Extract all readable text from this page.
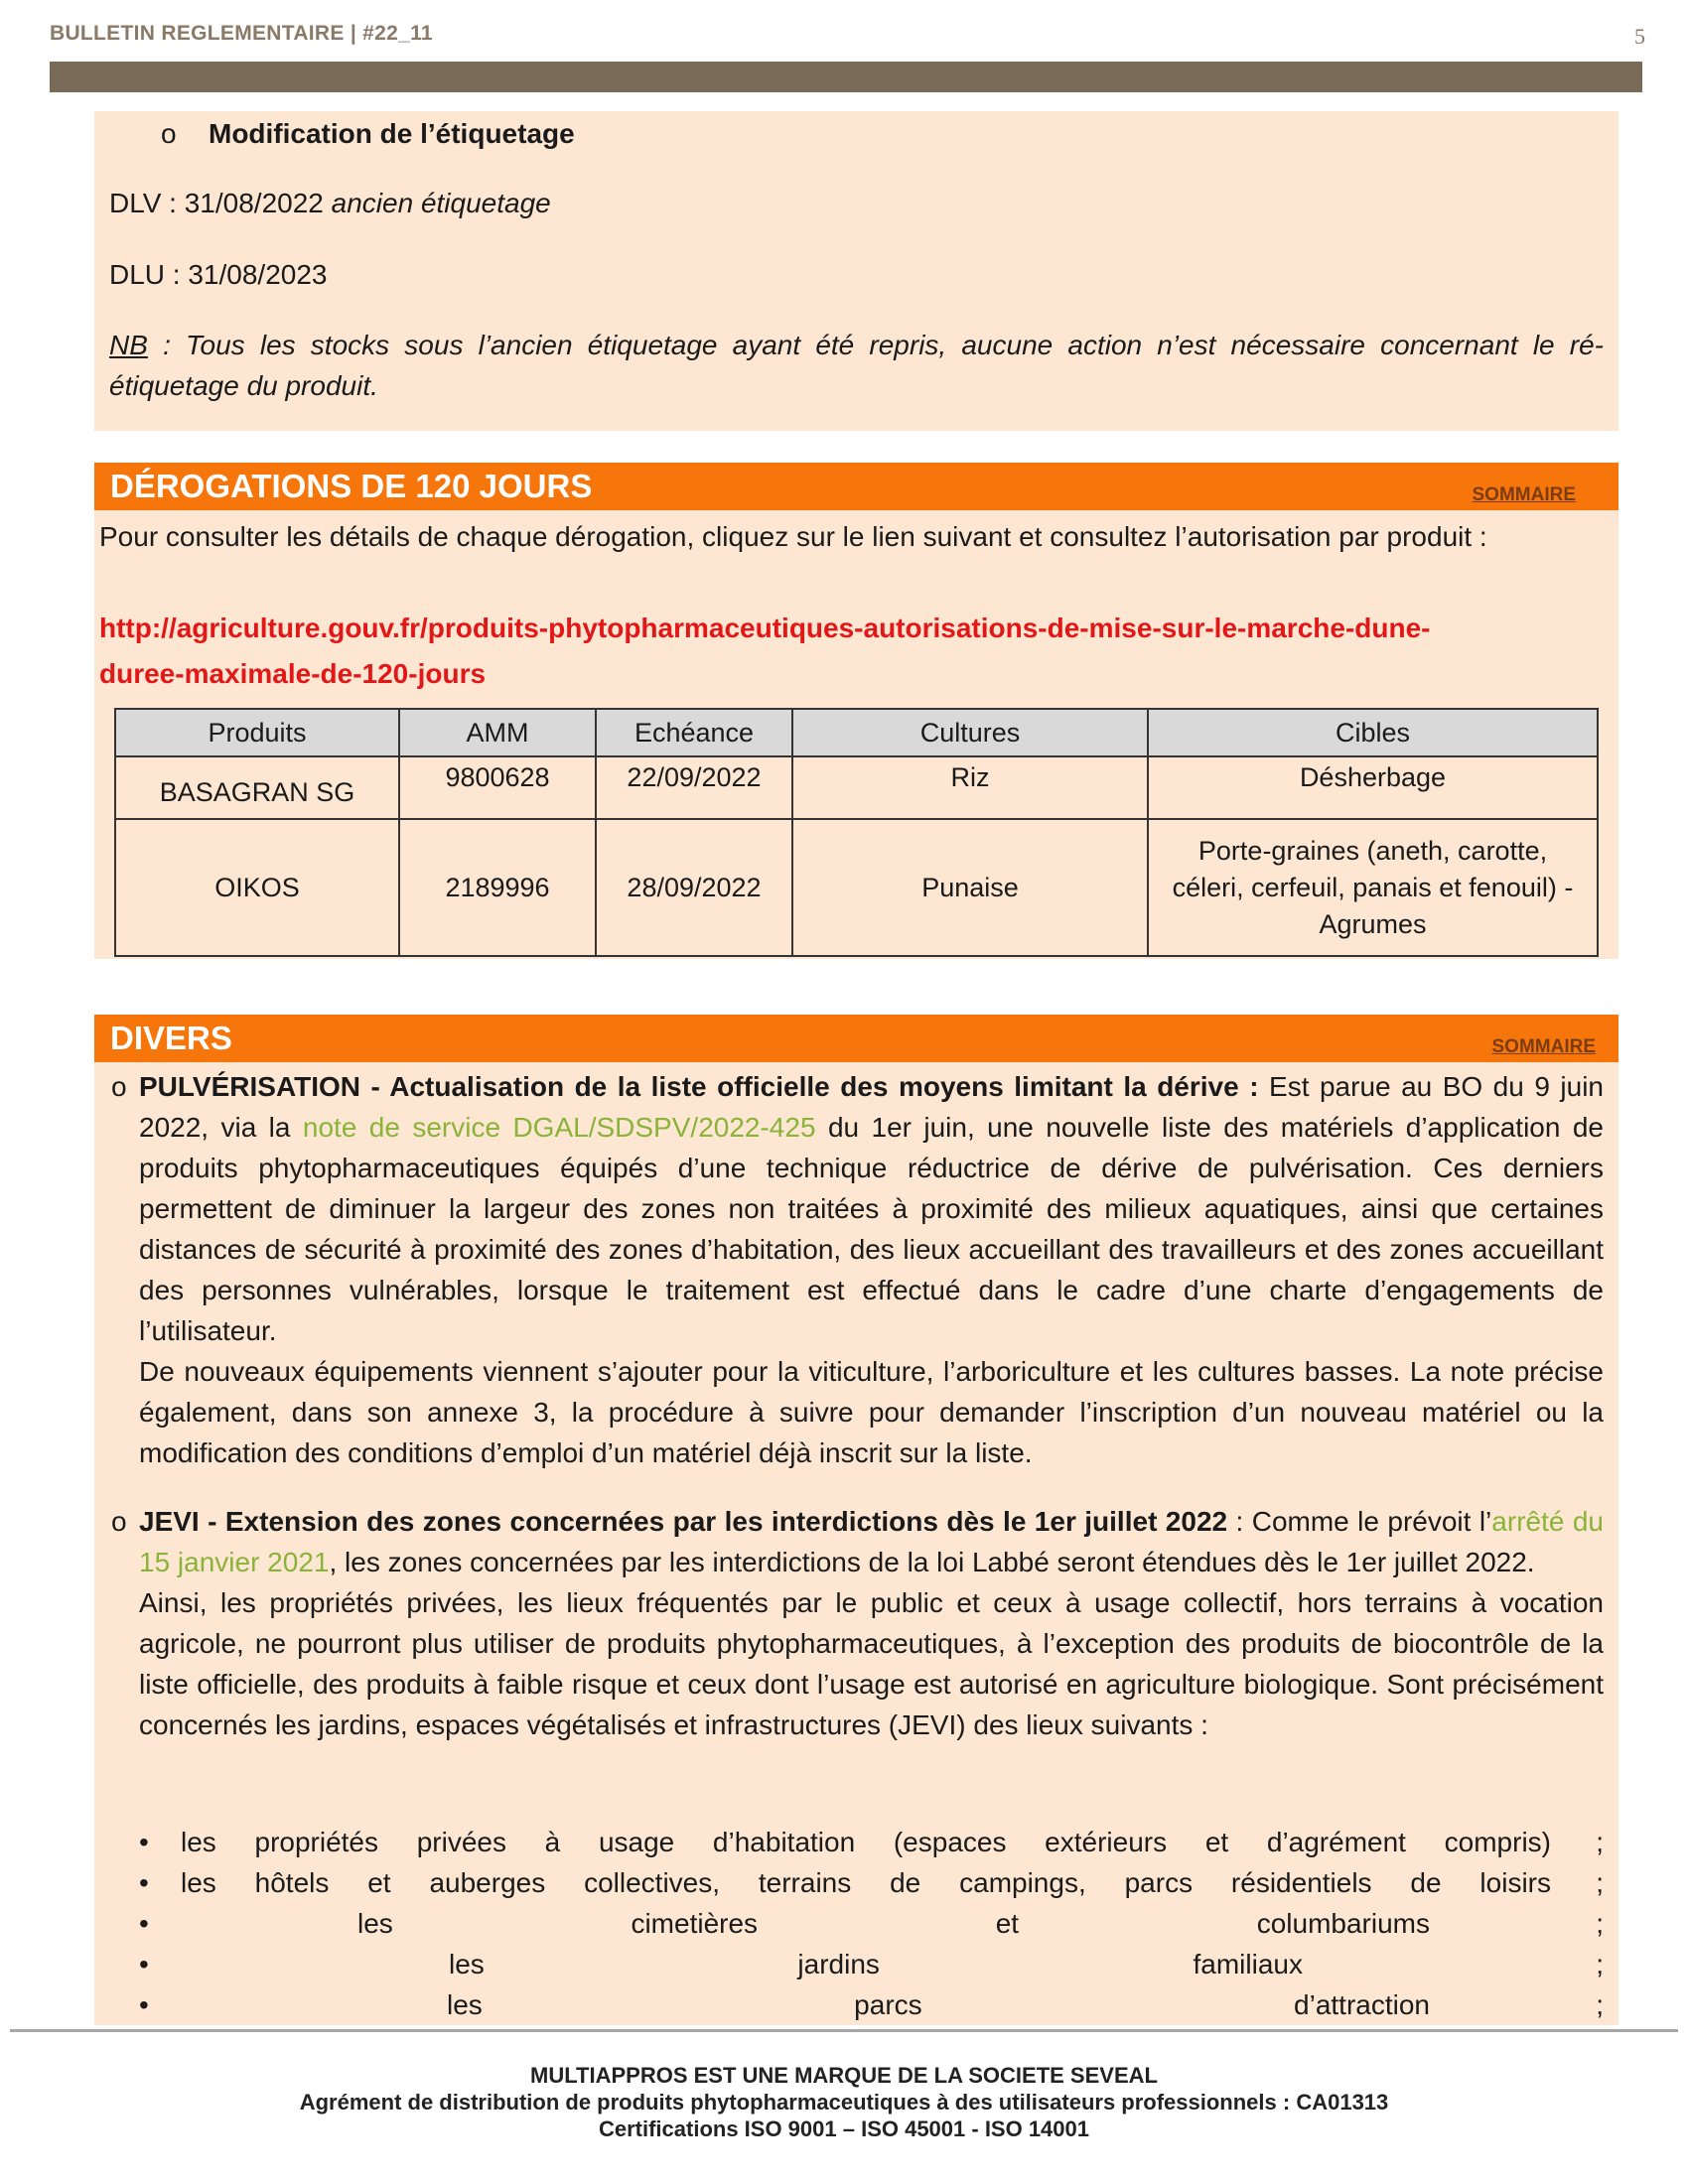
BULLETIN REGLEMENTAIRE | #22_11	5
o Modification de l’étiquetage
DLV : 31/08/2022 ancien étiquetage
DLU : 31/08/2023
NB : Tous les stocks sous l’ancien étiquetage ayant été repris, aucune action n’est nécessaire concernant le ré-étiquetage du produit.
DÉROGATIONS DE 120 JOURS	SOMMAIRE
Pour consulter les détails de chaque dérogation, cliquez sur le lien suivant et consultez l’autorisation par produit :
http://agriculture.gouv.fr/produits-phytopharmaceutiques-autorisations-de-mise-sur-le-marche-dune-
duree-maximale-de-120-jours
Produits	AMM	Echéance	Cultures	Cibles
BASAGRAN SG	9800628	22/09/2022	Riz	Désherbage
OIKOS	2189996	28/09/2022	Punaise	Porte-graines (aneth, carotte, céleri, cerfeuil, panais et fenouil) - Agrumes
DIVERS	SOMMAIRE
o PULVÉRISATION - Actualisation de la liste officielle des moyens limitant la dérive : Est parue au BO du 9 juin 2022, via la note de service DGAL/SDSPV/2022-425 du 1er juin, une nouvelle liste des matériels d’application de produits phytopharmaceutiques équipés d’une technique réductrice de dérive de pulvérisation. Ces derniers permettent de diminuer la largeur des zones non traitées à proximité des milieux aquatiques, ainsi que certaines distances de sécurité à proximité des zones d’habitation, des lieux accueillant des travailleurs et des zones accueillant des personnes vulnérables, lorsque le traitement est effectué dans le cadre d’une charte d’engagements de l’utilisateur.
De nouveaux équipements viennent s’ajouter pour la viticulture, l’arboriculture et les cultures basses. La note précise également, dans son annexe 3, la procédure à suivre pour demander l’inscription d’un nouveau matériel ou la modification des conditions d’emploi d’un matériel déjà inscrit sur la liste.
o JEVI - Extension des zones concernées par les interdictions dès le 1er juillet 2022 : Comme le prévoit l’arrêté du 15 janvier 2021, les zones concernées par les interdictions de la loi Labbé seront étendues dès le 1er juillet 2022.
Ainsi, les propriétés privées, les lieux fréquentés par le public et ceux à usage collectif, hors terrains à vocation agricole, ne pourront plus utiliser de produits phytopharmaceutiques, à l’exception des produits de biocontrôle de la liste officielle, des produits à faible risque et ceux dont l’usage est autorisé en agriculture biologique. Sont précisément concernés les jardins, espaces végétalisés et infrastructures (JEVI) des lieux suivants :
•	les propriétés privées à usage d’habitation (espaces extérieurs et d’agrément compris) ;
•	les hôtels et auberges collectives, terrains de campings, parcs résidentiels de loisirs ;
•	les cimetières et columbariums	;
•	les jardins familiaux	;
•	les parcs d’attraction	;
MULTIAPPROS EST UNE MARQUE DE LA SOCIETE SEVEAL
Agrément de distribution de produits phytopharmaceutiques à des utilisateurs professionnels : CA01313
Certifications ISO 9001 – ISO 45001 - ISO 14001
